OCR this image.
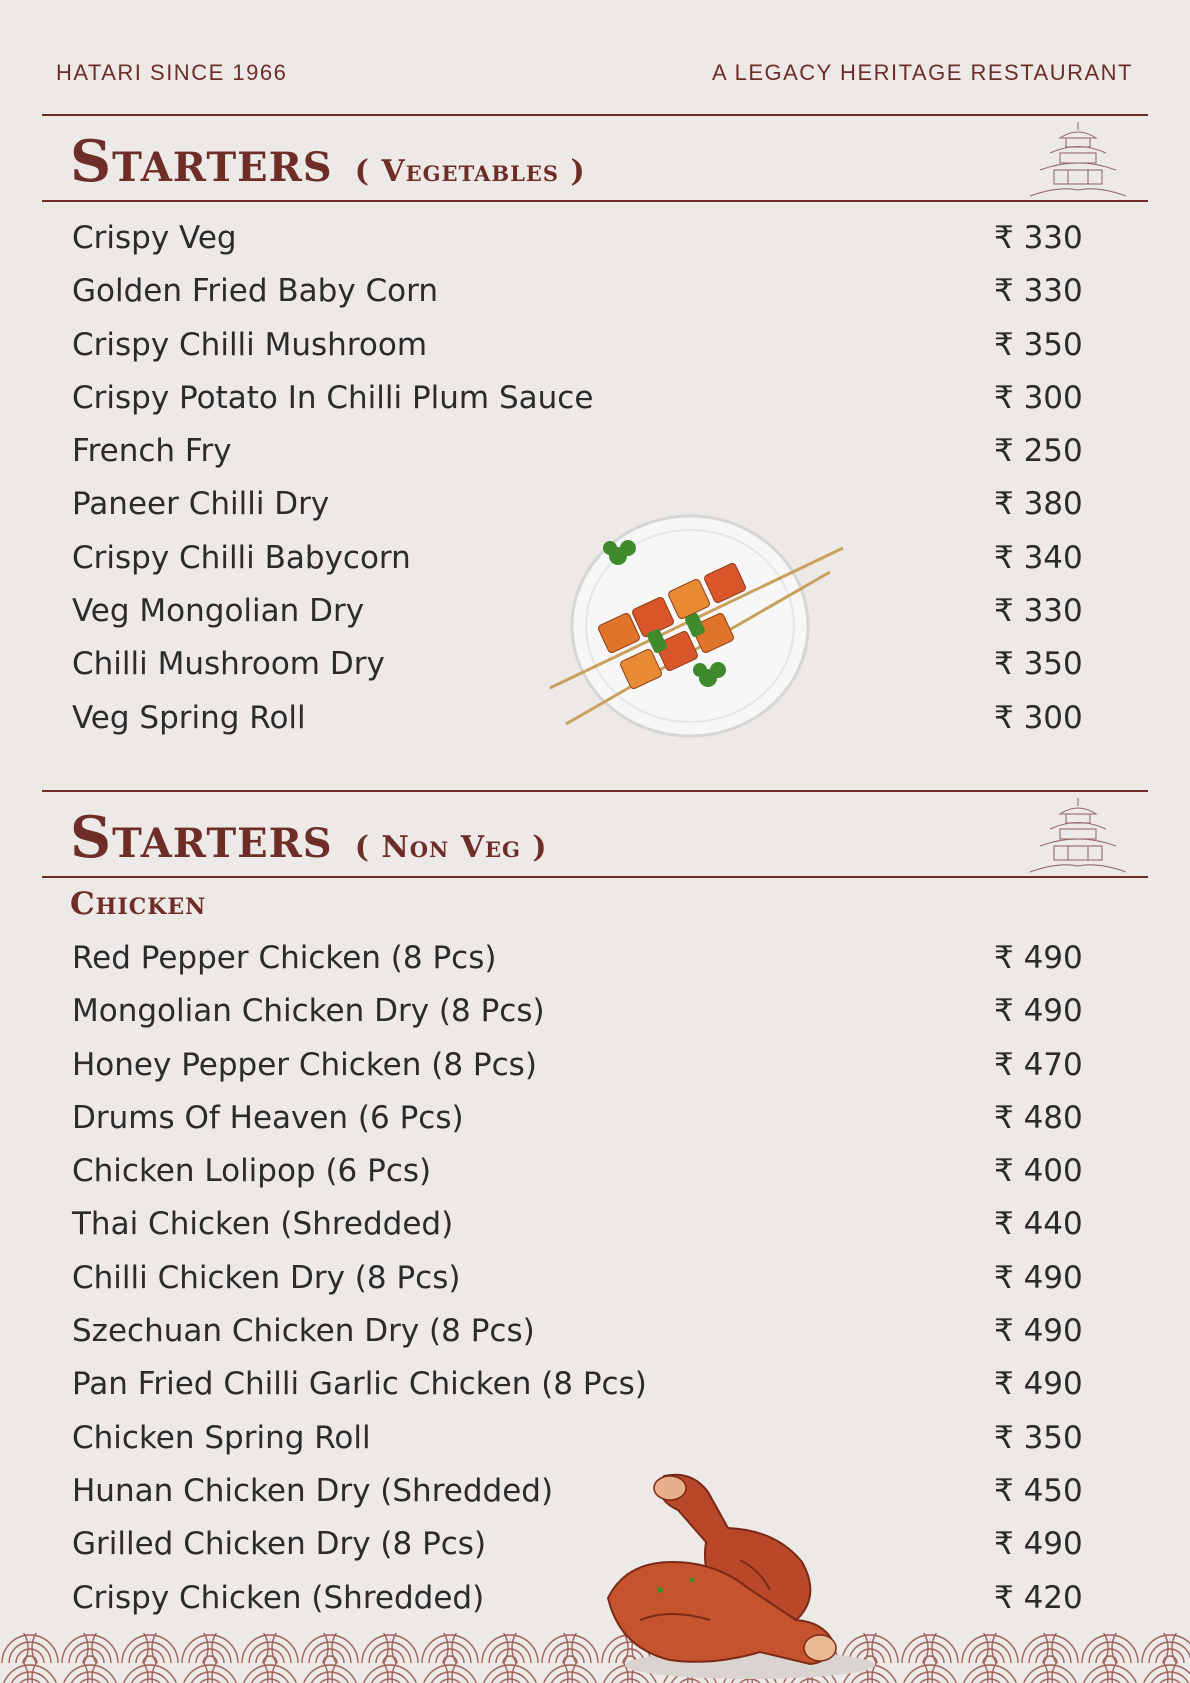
HATARI SINCE 1966	A LEGACY HERITAGE RESTAURANT
Starters ( Vegetables )
Crispy Veg	₹ 330
Golden Fried Baby Corn	₹ 330
Crispy Chilli Mushroom	₹ 350
Crispy Potato In Chilli Plum Sauce	₹ 300
French Fry	₹ 250
Paneer Chilli Dry	₹ 380
Crispy Chilli Babycorn	₹ 340
Veg Mongolian Dry	₹ 330
Chilli Mushroom Dry	₹ 350
Veg Spring Roll	₹ 300
Starters ( Non Veg )
Chicken
Red Pepper Chicken (8 Pcs)	₹ 490
Mongolian Chicken Dry (8 Pcs)	₹ 490
Honey Pepper Chicken (8 Pcs)	₹ 470
Drums Of Heaven (6 Pcs)	₹ 480
Chicken Lolipop (6 Pcs)	₹ 400
Thai Chicken (Shredded)	₹ 440
Chilli Chicken Dry (8 Pcs)	₹ 490
Szechuan Chicken Dry (8 Pcs)	₹ 490
Pan Fried Chilli Garlic Chicken (8 Pcs)	₹ 490
Chicken Spring Roll	₹ 350
Hunan Chicken Dry (Shredded)	₹ 450
Grilled Chicken Dry (8 Pcs)	₹ 490
Crispy Chicken (Shredded)	₹ 420
